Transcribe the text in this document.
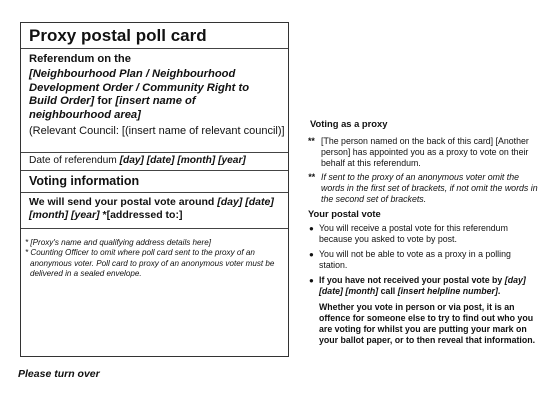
Proxy postal poll card
Referendum on the
[Neighbourhood Plan / Neighbourhood Development Order / Community Right to Build Order] for [insert name of neighbourhood area]
(Relevant Council: [(insert name of relevant council)]
Date of referendum [day] [date] [month] [year]
Voting information
We will send your postal vote around [day] [date] [month] [year] *[addressed to:]
* [Proxy's name and qualifying address details here]
* Counting Officer to omit where poll card sent to the proxy of an anonymous voter. Poll card to proxy of an anonymous voter must be delivered in a sealed envelope.
Please turn over
Voting as a proxy
** [The person named on the back of this card] [Another person] has appointed you as a proxy to vote on their behalf at this referendum.
** If sent to the proxy of an anonymous voter omit the words in the first set of brackets, if not omit the words in the second set of brackets.
Your postal vote
● You will receive a postal vote for this referendum because you asked to vote by post.
● You will not be able to vote as a proxy in a polling station.
● If you have not received your postal vote by [day] [date] [month] call [insert helpline number].
Whether you vote in person or via post, it is an offence for someone else to try to find out who you are voting for whilst you are putting your mark on your ballot paper, or to then reveal that information.
